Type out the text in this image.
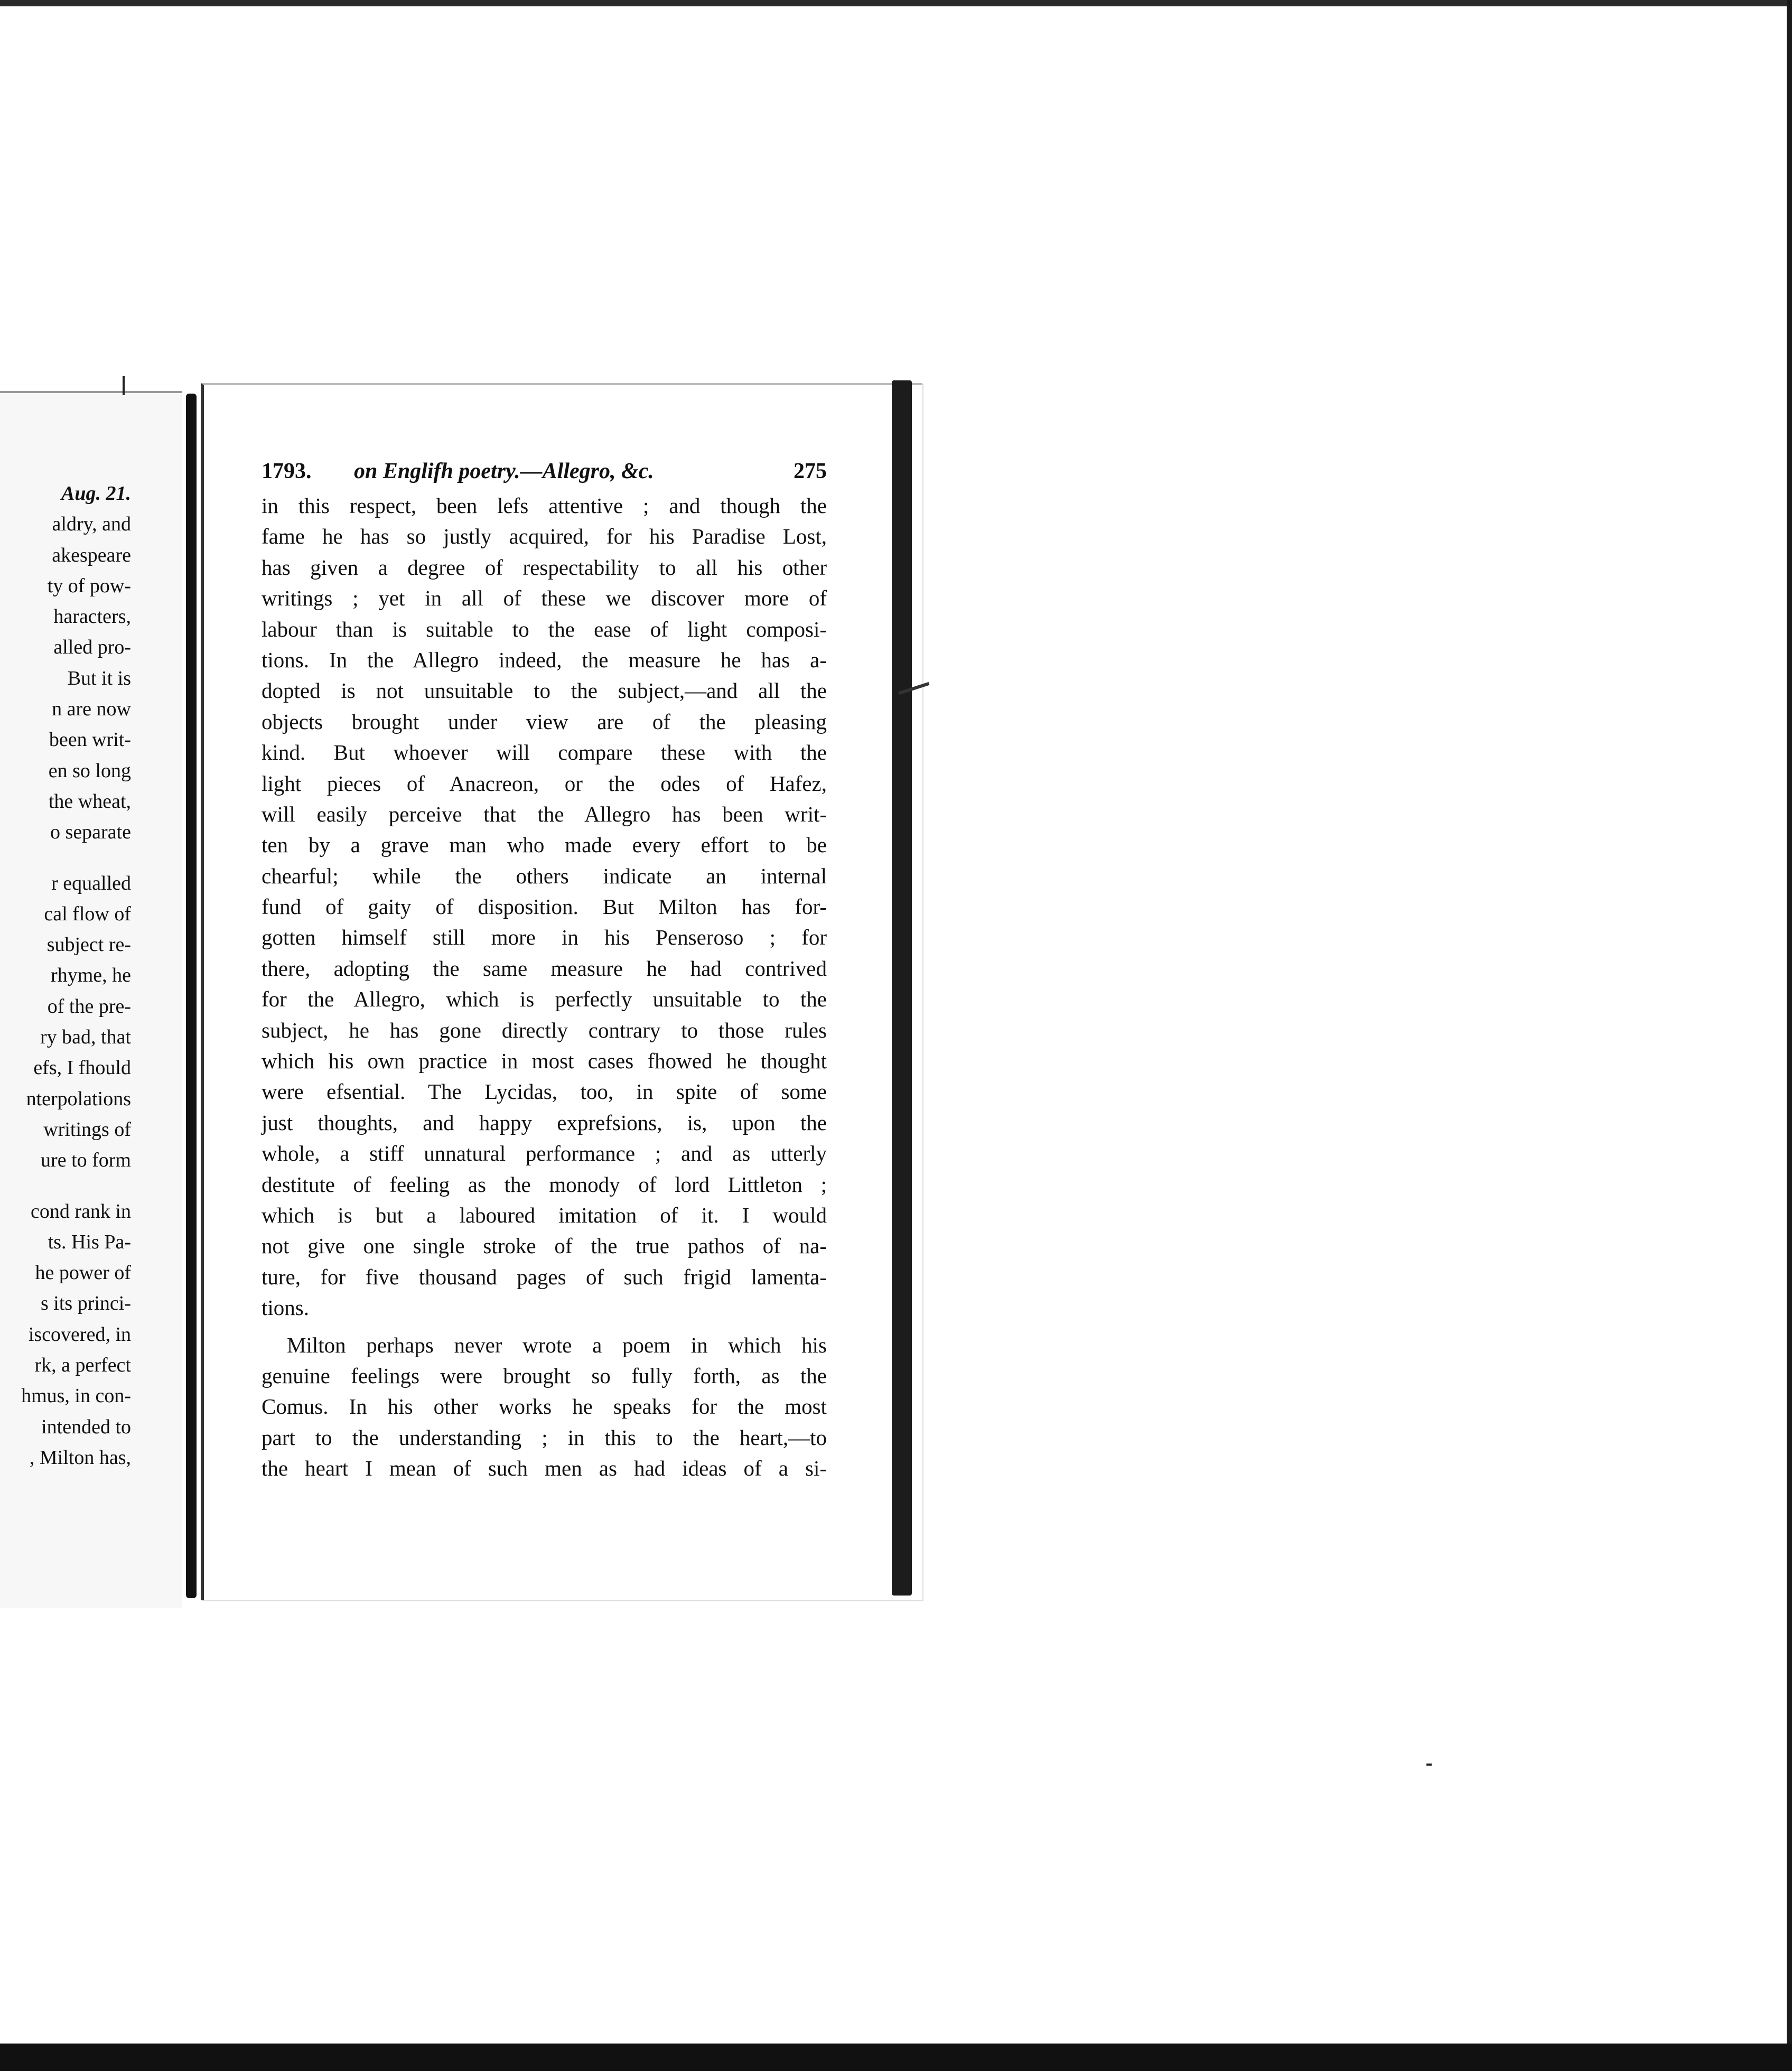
Aug. 21.
aldry, and
akespeare
ty of pow-
haracters,
alled pro-
But it is
n are now
been writ-
en so long
the wheat,
o separate
r equalled
cal flow of
subject re-
rhyme, he
of the pre-
ry bad, that
efs, I fhould
nterpolations
writings of
ure to form
cond rank in
ts. His Pa-
he power of
s its princi-
iscovered, in
rk, a perfect
hmus, in con-
intended to
, Milton has,
1793. on Englifh poetry.—Allegro, &c.	275
in this respect, been lefs attentive ; and though the
fame he has so justly acquired, for his Paradise Lost,
has given a degree of respectability to all his other
writings ; yet in all of these we discover more of
labour than is suitable to the ease of light composi-
tions. In the Allegro indeed, the measure he has a-
dopted is not unsuitable to the subject,—and all the
objects brought under view are of the pleasing
kind. But whoever will compare these with the
light pieces of Anacreon, or the odes of Hafez,
will easily perceive that the Allegro has been writ-
ten by a grave man who made every effort to be
chearful; while the others indicate an internal
fund of gaity of disposition. But Milton has for-
gotten himself still more in his Penseroso ; for
there, adopting the same measure he had contrived
for the Allegro, which is perfectly unsuitable to the
subject, he has gone directly contrary to those rules
which his own practice in most cases fhowed he thought
were efsential. The Lycidas, too, in spite of some
just thoughts, and happy exprefsions, is, upon the
whole, a stiff unnatural performance ; and as utterly
destitute of feeling as the monody of lord Littleton ;
which is but a laboured imitation of it. I would
not give one single stroke of the true pathos of na-
ture, for five thousand pages of such frigid lamenta-
tions.
Milton perhaps never wrote a poem in which his
genuine feelings were brought so fully forth, as the
Comus. In his other works he speaks for the most
part to the understanding ; in this to the heart,—to
the heart I mean of such men as had ideas of a si-
